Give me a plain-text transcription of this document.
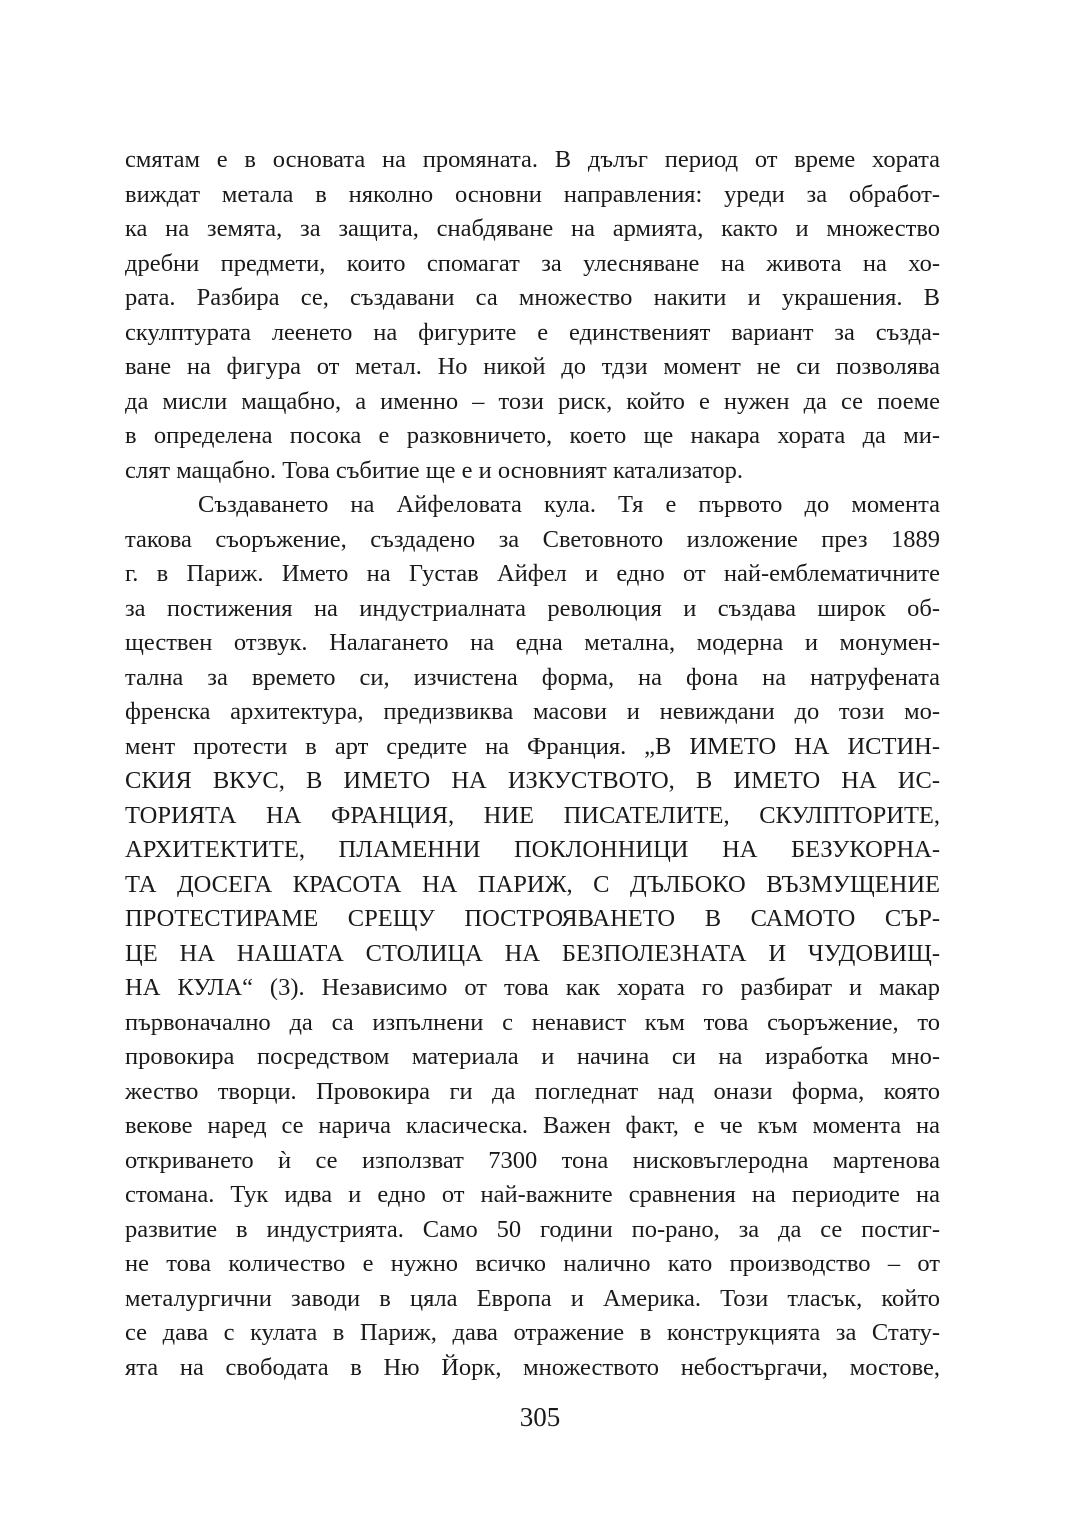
смятам е в основата на промяната. В дълъг период от време хората
виждат метала в няколно основни направления: уреди за обработ-
ка на земята, за защита, снабдяване на армията, както и множество
дребни предмети, които спомагат за улесняване на живота на хо-
рата. Разбира се, създавани са множество накити и украшения. В
скулптурата леенето на фигурите е единственият вариант за създа-
ване на фигура от метал. Но никой до тдзи момент не си позволява
да мисли мащабно, а именно – този риск, който е нужен да се поеме
в определена посока е разковничето, което ще накара хората да ми-
слят мащабно. Това събитие ще е и основният катализатор.
Създаването на Айфеловата кула. Тя е първото до момента
такова съоръжение, създадено за Световното изложение през 1889
г. в Париж. Името на Густав Айфел и едно от най-емблематичните
за постижения на индустриалната революция и създава широк об-
ществен отзвук. Налагането на една метална, модерна и монумен-
тална за времето си, изчистена форма, на фона на натруфената
френска архитектура, предизвиква масови и невиждани до този мо-
мент протести в арт средите на Франция. „В ИМЕТО НА ИСТИН-
СКИЯ ВКУС, В ИМЕТО НА ИЗКУСТВОТО, В ИМЕТО НА ИС-
ТОРИЯТА НА ФРАНЦИЯ, НИЕ ПИСАТЕЛИТЕ, СКУЛПТОРИТЕ,
АРХИТЕКТИТЕ, ПЛАМЕННИ ПОКЛОННИЦИ НА БЕЗУКОРНА-
ТА ДОСЕГА КРАСОТА НА ПАРИЖ, С ДЪЛБОКО ВЪЗМУЩЕНИЕ
ПРОТЕСТИРАМЕ СРЕЩУ ПОСТРОЯВАНЕТО В САМОТО СЪР-
ЦЕ НА НАШАТА СТОЛИЦА НА БЕЗПОЛЕЗНАТА И ЧУДОВИЩ-
НА КУЛА“ (3). Независимо от това как хората го разбират и макар
първоначално да са изпълнени с ненавист към това съоръжение, то
провокира посредством материала и начина си на изработка мно-
жество творци. Провокира ги да погледнат над онази форма, която
векове наред се нарича класическа. Важен факт, е че към момента на
откриването ѝ се използват 7300 тона нисковъглеродна мартенова
стомана. Тук идва и едно от най-важните сравнения на периодите на
развитие в индустрията. Само 50 години по-рано, за да се постиг-
не това количество е нужно всичко налично като производство – от
металургични заводи в цяла Европа и Америка. Този тласък, който
се дава с кулата в Париж, дава отражение в конструкцията за Стату-
ята на свободата в Ню Йорк, множеството небостъргачи, мостове,
305
